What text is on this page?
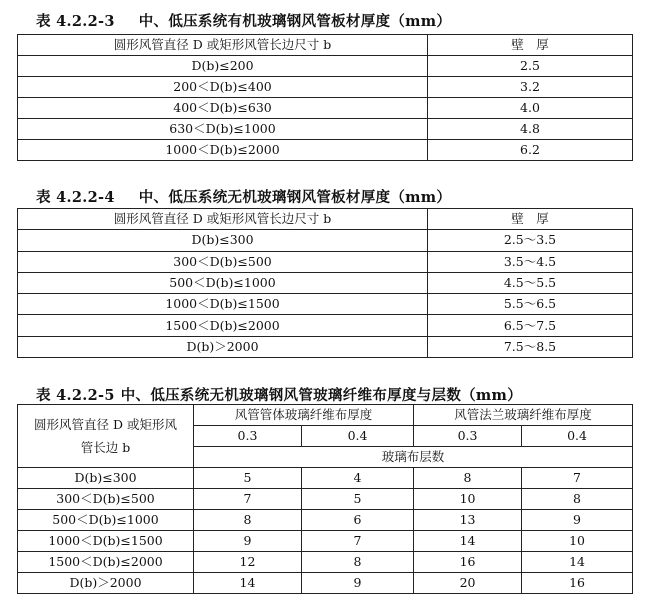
表 4.2.2-3 中、低压系统有机玻璃钢风管板材厚度（mm）
圆形风管直径 D 或矩形风管长边尺寸 b	壁　厚
D(b)≤200	2.5
200＜D(b)≤400	3.2
400＜D(b)≤630	4.0
630＜D(b)≤1000	4.8
1000＜D(b)≤2000	6.2
表 4.2.2-4 中、低压系统无机玻璃钢风管板材厚度（mm）
圆形风管直径 D 或矩形风管长边尺寸 b	壁　厚
D(b)≤300	2.5～3.5
300＜D(b)≤500	3.5～4.5
500＜D(b)≤1000	4.5～5.5
1000＜D(b)≤1500	5.5～6.5
1500＜D(b)≤2000	6.5～7.5
D(b)＞2000	7.5～8.5
表 4.2.2-5 中、低压系统无机玻璃钢风管玻璃纤维布厚度与层数（mm）
圆形风管直径 D 或矩形风管长边 b	风管管体玻璃纤维布厚度		风管法兰玻璃纤维布厚度	
	0.3	0.4	0.3	0.4
	玻璃布层数			
D(b)≤300	5	4	8	7
300＜D(b)≤500	7	5	10	8
500＜D(b)≤1000	8	6	13	9
1000＜D(b)≤1500	9	7	14	10
1500＜D(b)≤2000	12	8	16	14
D(b)＞2000	14	9	20	16
